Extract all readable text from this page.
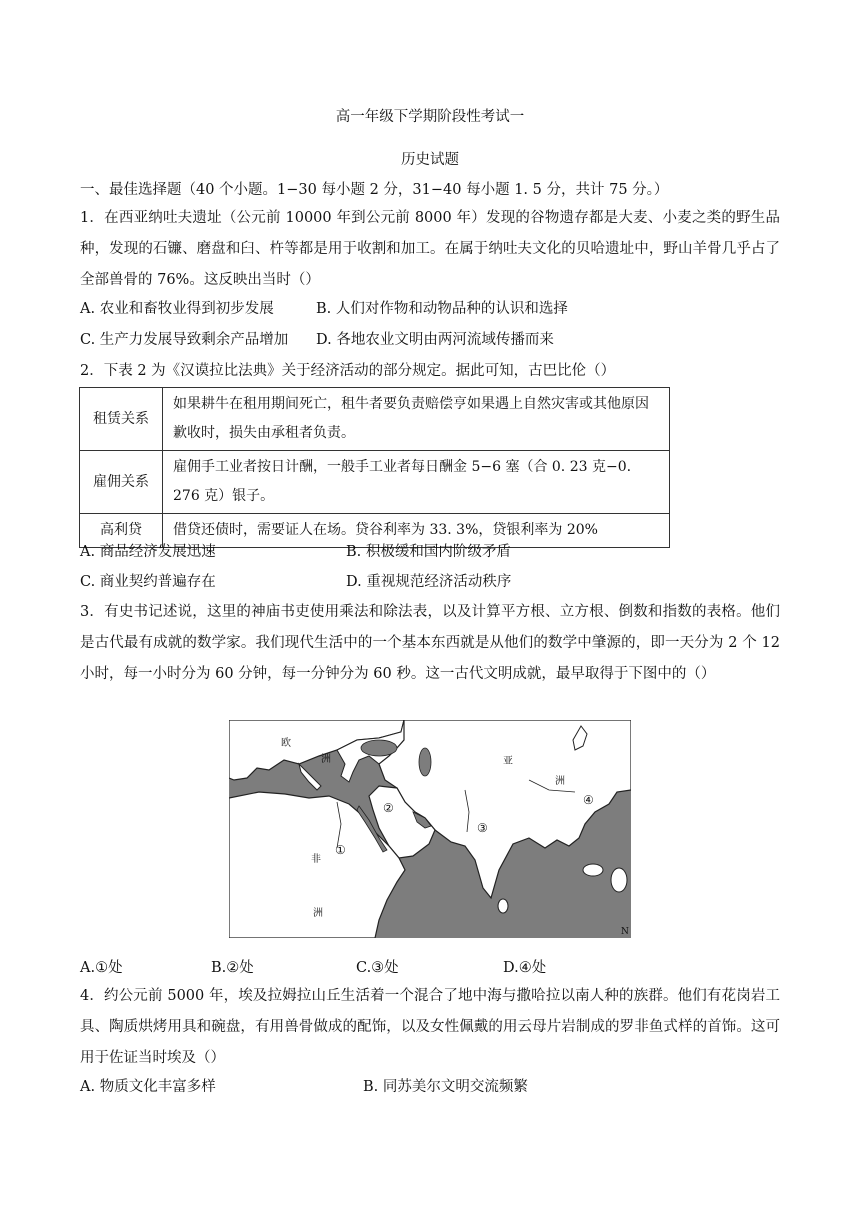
高一年级下学期阶段性考试一
历史试题
一、最佳选择题（40 个小题。1−30 每小题 2 分，31−40 每小题 1. 5 分，共计 75 分。）
1．在西亚纳吐夫遗址（公元前 10000 年到公元前 8000 年）发现的谷物遗存都是大麦、小麦之类的野生品种，发现的石镰、磨盘和臼、杵等都是用于收割和加工。在属于纳吐夫文化的贝哈遗址中，野山羊骨几乎占了全部兽骨的 76%。这反映出当时（）
A. 农业和畜牧业得到初步发展	B. 人们对作物和动物品种的认识和选择
C. 生产力发展导致剩余产品增加 D. 各地农业文明由两河流域传播而来
2．下表 2 为《汉谟拉比法典》关于经济活动的部分规定。据此可知，古巴比伦（）
租赁关系	如果耕牛在租用期间死亡，租牛者要负责赔偿亨如果遇上自然灾害或其他原因歉收时，损失由承租者负责。
雇佣关系	雇佣手工业者按日计酬，一般手工业者每日酬金 5−6 塞（合 0. 23 克−0. 276 克）银子。
高利贷	借贷还债时，需要证人在场。贷谷利率为 33. 3%，贷银利率为 20%
A. 商品经济发展迅速	B. 积极缓和国内阶级矛盾
C. 商业契约普遍存在	D. 重视规范经济活动秩序
3．有史书记述说，这里的神庙书吏使用乘法和除法表，以及计算平方根、立方根、倒数和指数的表格。他们是古代最有成就的数学家。我们现代生活中的一个基本东西就是从他们的数学中肇源的，即一天分为 2 个 12 小时，每一小时分为 60 分钟，每一分钟分为 60 秒。这一古代文明成就，最早取得于下图中的（）
欧
洲	亚
洲
非
洲
N
①
②
③
④
A.①处	B.②处	C.③处	D.④处
4．约公元前 5000 年，埃及拉姆拉山丘生活着一个混合了地中海与撒哈拉以南人种的族群。他们有花岗岩工具、陶质烘烤用具和碗盘，有用兽骨做成的配饰，以及女性佩戴的用云母片岩制成的罗非鱼式样的首饰。这可用于佐证当时埃及（）
A. 物质文化丰富多样	B. 同苏美尔文明交流频繁
